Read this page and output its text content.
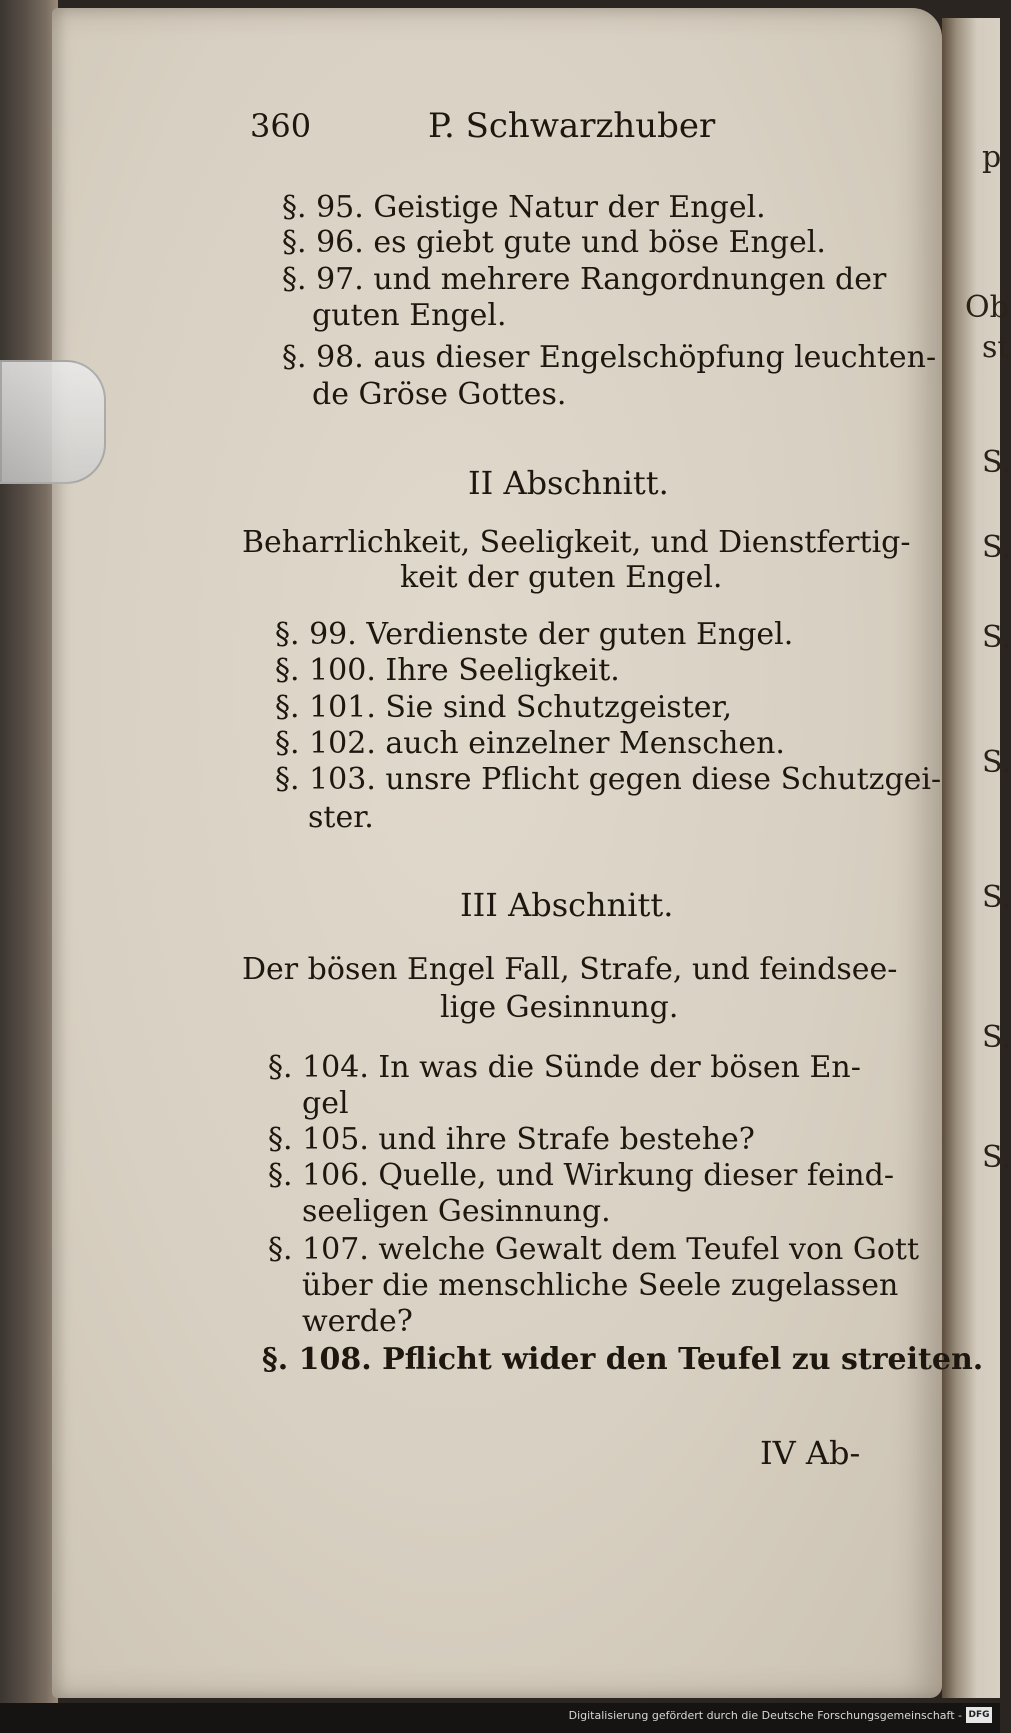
360	P. Schwarzhuber
§. 95. Geistige Natur der Engel.
§. 96. es giebt gute und böse Engel.
§. 97. und mehrere Rangordnungen der
guten Engel.
§. 98. aus dieser Engelschöpfung leuchten-
de Gröse Gottes.
II Abschnitt.
Beharrlichkeit, Seeligkeit, und Dienstfertig-
keit der guten Engel.
§. 99. Verdienste der guten Engel.
§. 100. Ihre Seeligkeit.
§. 101. Sie sind Schutzgeister,
§. 102. auch einzelner Menschen.
§. 103. unsre Pflicht gegen diese Schutzgei-
ster.
III Abschnitt.
Der bösen Engel Fall, Strafe, und feindsee-
lige Gesinnung.
§. 104. In was die Sünde der bösen En-
gel
§. 105. und ihre Strafe bestehe?
§. 106. Quelle, und Wirkung dieser feind-
seeligen Gesinnung.
§. 107. welche Gewalt dem Teufel von Gott
über die menschliche Seele zugelassen
werde?
§. 108. Pflicht wider den Teufel zu streiten.
IV Ab-
p
Ob
st
S.
S.
S.
S.
S.
S.
S.
Digitalisierung gefördert durch die Deutsche Forschungsgemeinschaft - DFG
